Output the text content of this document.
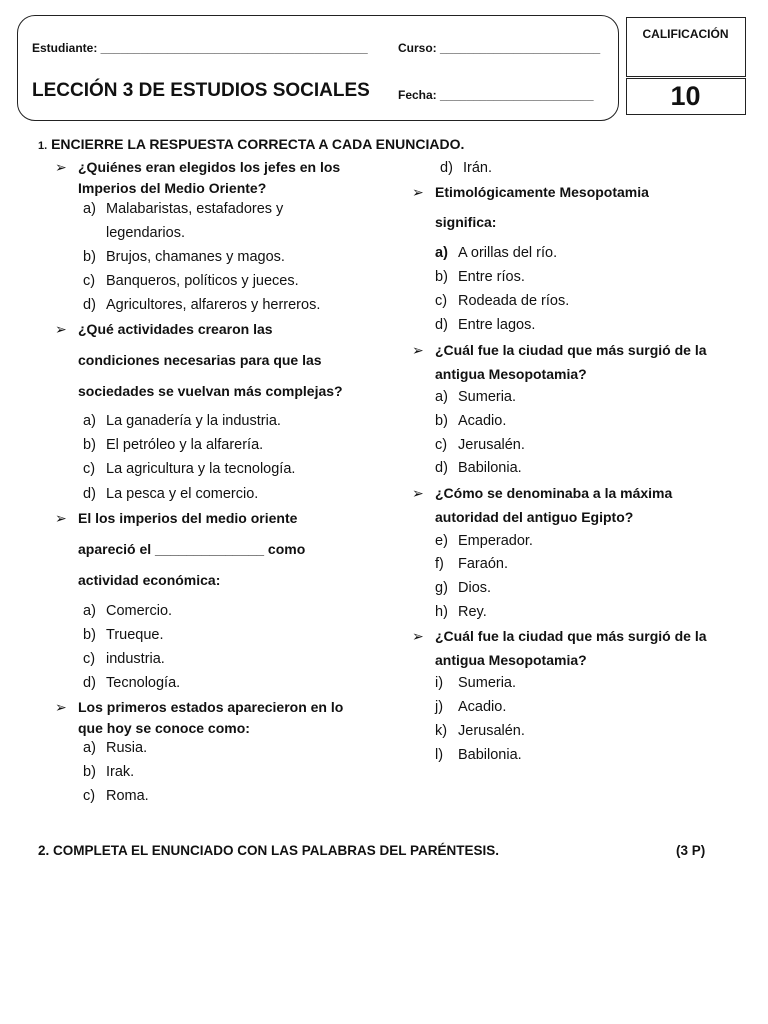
Estudiante: ________________________________________	Curso: ________________________
LECCIÓN 3 DE ESTUDIOS SOCIALES Fecha: _______________________
CALIFICACIÓN
10
1. ENCIERRE LA RESPUESTA CORRECTA A CADA ENUNCIADO.
➢ ¿Quiénes eran elegidos los jefes en los
Imperios del Medio Oriente?
a) Malabaristas, estafadores y
legendarios.
b) Brujos, chamanes y magos.
c) Banqueros, políticos y jueces.
d) Agricultores, alfareros y herreros.
➢ ¿Qué actividades crearon las
condiciones necesarias para que las
sociedades se vuelvan más complejas?
a) La ganadería y la industria.
b) El petróleo y la alfarería.
c) La agricultura y la tecnología.
d) La pesca y el comercio.
➢ El los imperios del medio oriente
apareció el ______________ como
actividad económica:
a) Comercio.
b) Trueque.
c) industria.
d) Tecnología.
➢ Los primeros estados aparecieron en lo
que hoy se conoce como:
a) Rusia.
b) Irak.
c) Roma.
d) Irán.
➢ Etimológicamente Mesopotamia
significa:
a) A orillas del río.
b) Entre ríos.
c) Rodeada de ríos.
d) Entre lagos.
➢ ¿Cuál fue la ciudad que más surgió de la
antigua Mesopotamia?
a) Sumeria.
b) Acadio.
c) Jerusalén.
d) Babilonia.
➢ ¿Cómo se denominaba a la máxima
autoridad del antiguo Egipto?
e) Emperador.
f) Faraón.
g) Dios.
h) Rey.
➢ ¿Cuál fue la ciudad que más surgió de la
antigua Mesopotamia?
i) Sumeria.
j) Acadio.
k) Jerusalén.
l) Babilonia.
2. COMPLETA EL ENUNCIADO CON LAS PALABRAS DEL PARÉNTESIS.	(3 P)
